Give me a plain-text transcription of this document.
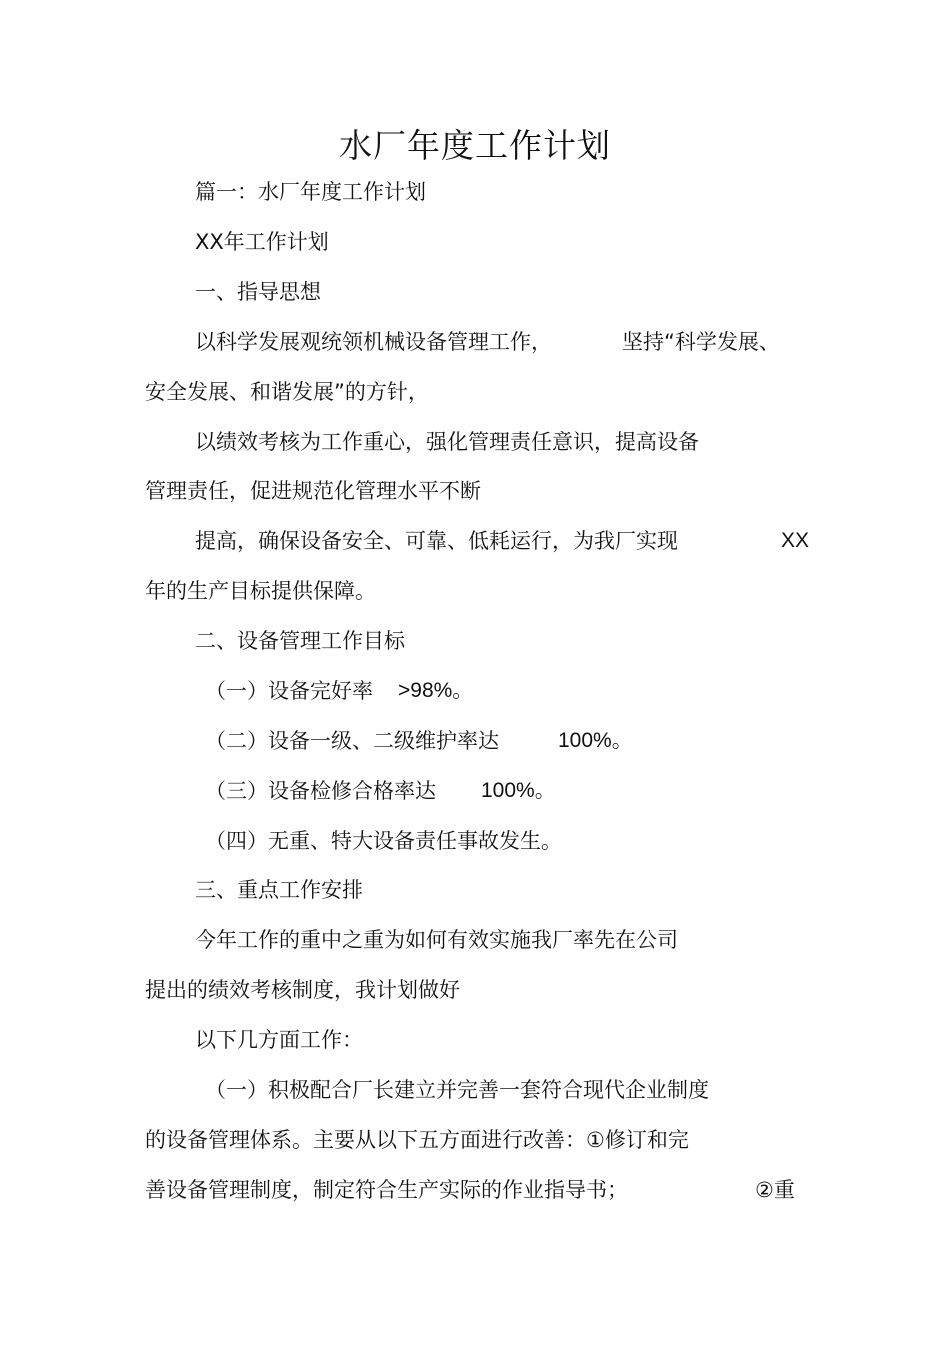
水厂年度工作计划
篇一：水厂年度工作计划
XX年工作计划
一、指导思想
以科学发展观统领机械设备管理工作，	坚持“科学发展、
安全发展、和谐发展”的方针，
以绩效考核为工作重心，强化管理责任意识，提高设备
管理责任，促进规范化管理水平不断
提高，确保设备安全、可靠、低耗运行，为我厂实现	XX
年的生产目标提供保障。
二、设备管理工作目标
（一）设备完好率 >98%。
（二）设备一级、二级维护率达	100%。
（三）设备检修合格率达 100%。
（四）无重、特大设备责任事故发生。
三、重点工作安排
今年工作的重中之重为如何有效实施我厂率先在公司
提出的绩效考核制度，我计划做好
以下几方面工作：
（一）积极配合厂长建立并完善一套符合现代企业制度
的设备管理体系。主要从以下五方面进行改善：①修订和完
善设备管理制度，制定符合生产实际的作业指导书；	②重
